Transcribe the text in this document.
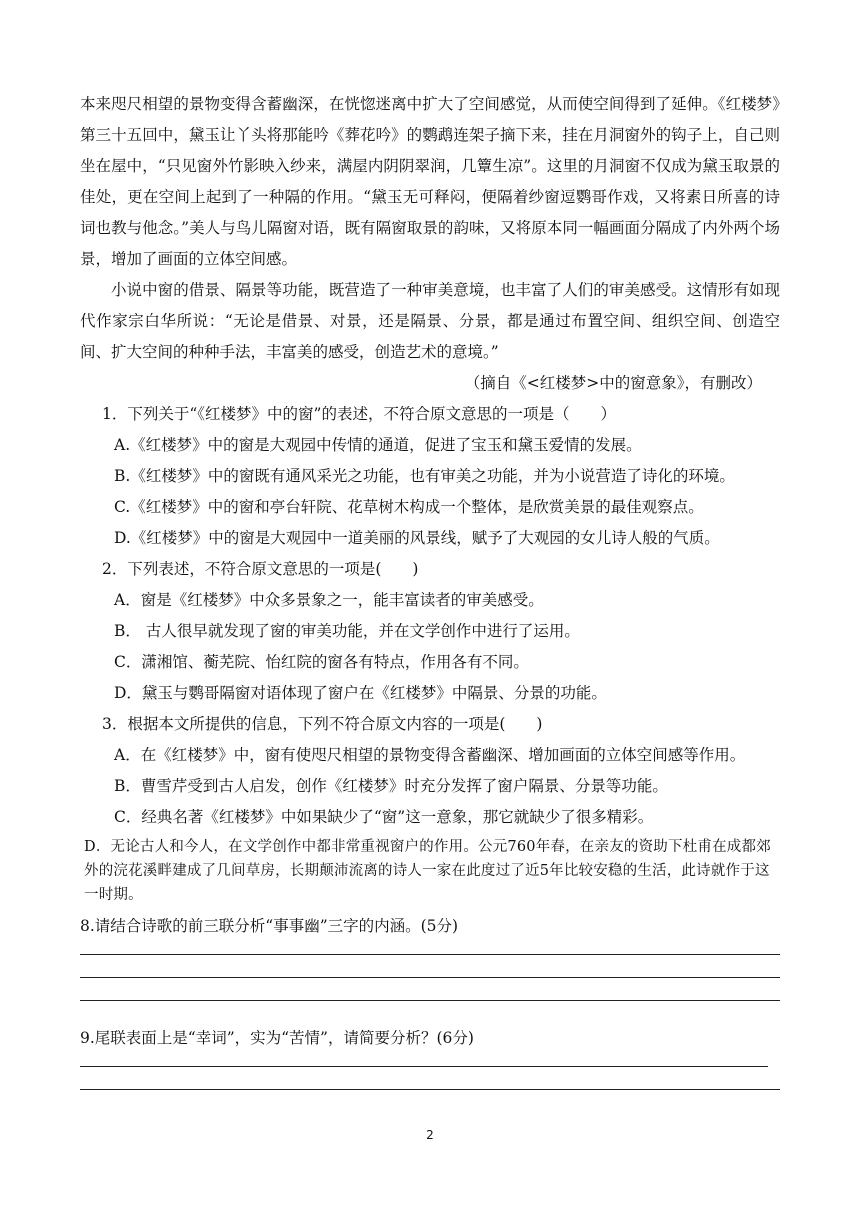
本来咫尺相望的景物变得含蓄幽深，在恍惚迷离中扩大了空间感觉，从而使空间得到了延伸。《红楼梦》第三十五回中，黛玉让丫头将那能吟《葬花吟》的鹦鹉连架子摘下来，挂在月洞窗外的钩子上，自己则坐在屋中，“只见窗外竹影映入纱来，满屋内阴阴翠润，几簟生凉”。这里的月洞窗不仅成为黛玉取景的佳处，更在空间上起到了一种隔的作用。“黛玉无可释闷，便隔着纱窗逗鹦哥作戏，又将素日所喜的诗词也教与他念。”美人与鸟儿隔窗对语，既有隔窗取景的韵味，又将原本同一幅画面分隔成了内外两个场景，增加了画面的立体空间感。

小说中窗的借景、隔景等功能，既营造了一种审美意境，也丰富了人们的审美感受。这情形有如现代作家宗白华所说：“无论是借景、对景，还是隔景、分景，都是通过布置空间、组织空间、创造空间、扩大空间的种种手法，丰富美的感受，创造艺术的意境。”

（摘自《<红楼梦>中的窗意象》，有删改）

1．下列关于“《红楼梦》中的窗”的表述，不符合原文意思的一项是（　　）

A.《红楼梦》中的窗是大观园中传情的通道，促进了宝玉和黛玉爱情的发展。

B.《红楼梦》中的窗既有通风采光之功能，也有审美之功能，并为小说营造了诗化的环境。

C.《红楼梦》中的窗和亭台轩院、花草树木构成一个整体，是欣赏美景的最佳观察点。

D.《红楼梦》中的窗是大观园中一道美丽的风景线，赋予了大观园的女儿诗人般的气质。

2．下列表述，不符合原文意思的一项是(　　)

A．窗是《红楼梦》中众多景象之一，能丰富读者的审美感受。

B． 古人很早就发现了窗的审美功能，并在文学创作中进行了运用。

C．潇湘馆、蘅芜院、怡红院的窗各有特点，作用各有不同。

D．黛玉与鹦哥隔窗对语体现了窗户在《红楼梦》中隔景、分景的功能。

3．根据本文所提供的信息，下列不符合原文内容的一项是(　　)

A．在《红楼梦》中，窗有使咫尺相望的景物变得含蓄幽深、增加画面的立体空间感等作用。

B．曹雪芹受到古人启发，创作《红楼梦》时充分发挥了窗户隔景、分景等功能。

C．经典名著《红楼梦》中如果缺少了“窗”这一意象，那它就缺少了很多精彩。

D．无论古人和今人，在文学创作中都非常重视窗户的作用。公元760年春，在亲友的资助下杜甫在成都郊外的浣花溪畔建成了几间草房，长期颠沛流离的诗人一家在此度过了近5年比较安稳的生活，此诗就作于这一时期。

8.请结合诗歌的前三联分析“事事幽”三字的内涵。(5分)

9.尾联表面上是“幸词”，实为“苦情”，请简要分析？(6分)

2
